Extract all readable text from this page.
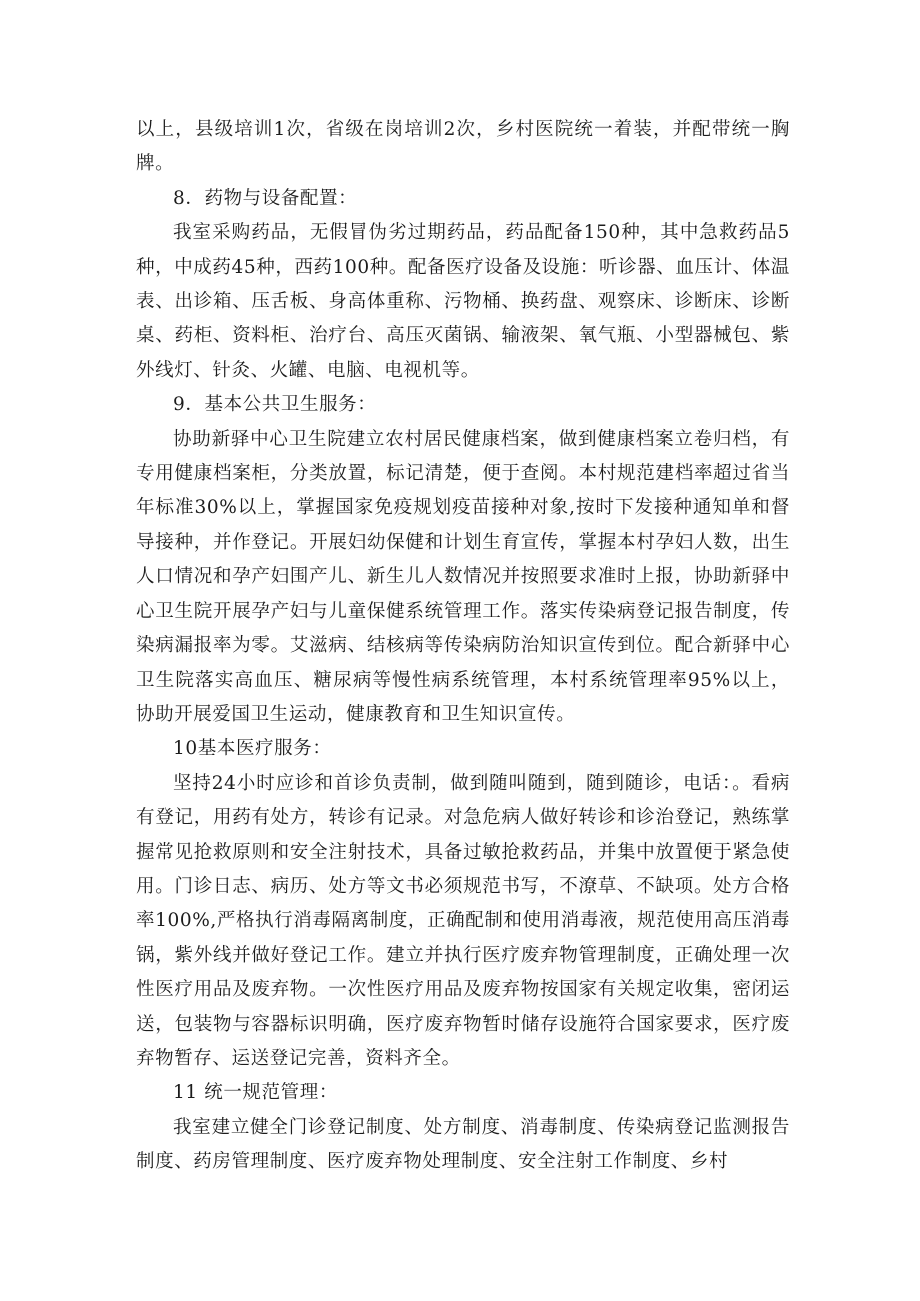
以上，县级培训1次，省级在岗培训2次，乡村医院统一着装，并配带统一胸牌。

8．药物与设备配置：

我室采购药品，无假冒伪劣过期药品，药品配备150种，其中急救药品5种，中成药45种，西药100种。配备医疗设备及设施：听诊器、血压计、体温表、出诊箱、压舌板、身高体重称、污物桶、换药盘、观察床、诊断床、诊断桌、药柜、资料柜、治疗台、高压灭菌锅、输液架、氧气瓶、小型器械包、紫外线灯、针灸、火罐、电脑、电视机等。

9．基本公共卫生服务：

协助新驿中心卫生院建立农村居民健康档案，做到健康档案立卷归档，有专用健康档案柜，分类放置，标记清楚，便于查阅。本村规范建档率超过省当年标准30%以上，掌握国家免疫规划疫苗接种对象,按时下发接种通知单和督导接种，并作登记。开展妇幼保健和计划生育宣传，掌握本村孕妇人数，出生人口情况和孕产妇围产儿、新生儿人数情况并按照要求准时上报，协助新驿中心卫生院开展孕产妇与儿童保健系统管理工作。落实传染病登记报告制度，传染病漏报率为零。艾滋病、结核病等传染病防治知识宣传到位。配合新驿中心卫生院落实高血压、糖尿病等慢性病系统管理，本村系统管理率95%以上，协助开展爱国卫生运动，健康教育和卫生知识宣传。

10基本医疗服务：

坚持24小时应诊和首诊负责制，做到随叫随到，随到随诊，电话：。看病有登记，用药有处方，转诊有记录。对急危病人做好转诊和诊治登记，熟练掌握常见抢救原则和安全注射技术，具备过敏抢救药品，并集中放置便于紧急使用。门诊日志、病历、处方等文书必须规范书写，不潦草、不缺项。处方合格率100%,严格执行消毒隔离制度，正确配制和使用消毒液，规范使用高压消毒锅，紫外线并做好登记工作。建立并执行医疗废弃物管理制度，正确处理一次性医疗用品及废弃物。一次性医疗用品及废弃物按国家有关规定收集，密闭运送，包装物与容器标识明确，医疗废弃物暂时储存设施符合国家要求，医疗废弃物暂存、运送登记完善，资料齐全。

11 统一规范管理：

我室建立健全门诊登记制度、处方制度、消毒制度、传染病登记监测报告制度、药房管理制度、医疗废弃物处理制度、安全注射工作制度、乡村
